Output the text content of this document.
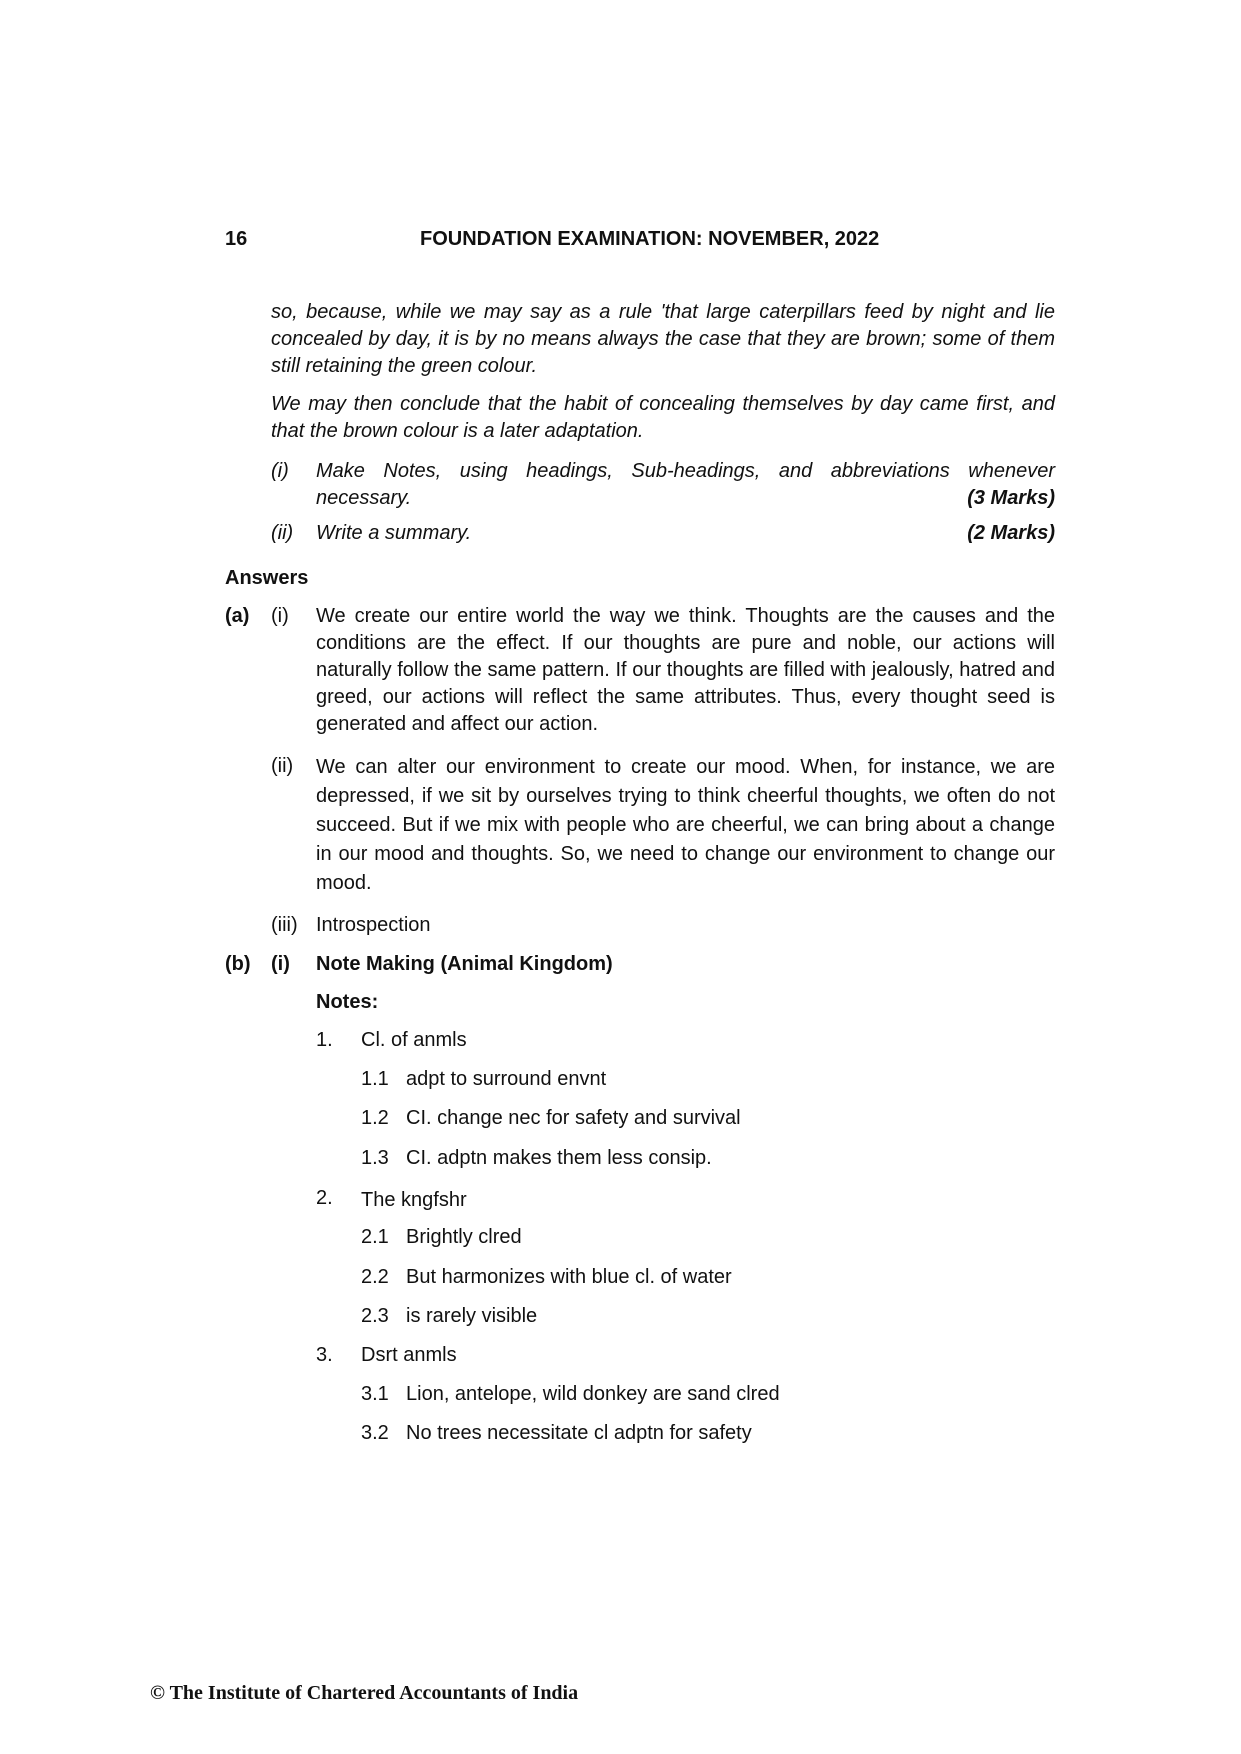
16	FOUNDATION EXAMINATION: NOVEMBER, 2022
so, because, while we may say as a rule 'that large caterpillars feed by night and lie concealed by day, it is by no means always the case that they are brown; some of them still retaining the green colour.
We may then conclude that the habit of concealing themselves by day came first, and that the brown colour is a later adaptation.
(i) Make Notes, using headings, Sub-headings, and abbreviations whenever
necessary.	(3 Marks)
(ii) Write a summary.	(2 Marks)
Answers
(a) (i) We create our entire world the way we think. Thoughts are the causes and the conditions are the effect. If our thoughts are pure and noble, our actions will naturally follow the same pattern. If our thoughts are filled with jealously, hatred and greed, our actions will reflect the same attributes. Thus, every thought seed is generated and affect our action.
(ii) We can alter our environment to create our mood. When, for instance, we are depressed, if we sit by ourselves trying to think cheerful thoughts, we often do not succeed. But if we mix with people who are cheerful, we can bring about a change in our mood and thoughts. So, we need to change our environment to change our mood.
(iii) Introspection
(b) (i) Note Making (Animal Kingdom)
Notes:
1. Cl. of anmls
1.1 adpt to surround envnt
1.2 CI. change nec for safety and survival
1.3 CI. adptn makes them less consip.
2. The kngfshr
2.1 Brightly clred
2.2 But harmonizes with blue cl. of water
2.3 is rarely visible
3. Dsrt anmls
3.1 Lion, antelope, wild donkey are sand clred
3.2 No trees necessitate cl adptn for safety
© The Institute of Chartered Accountants of India
